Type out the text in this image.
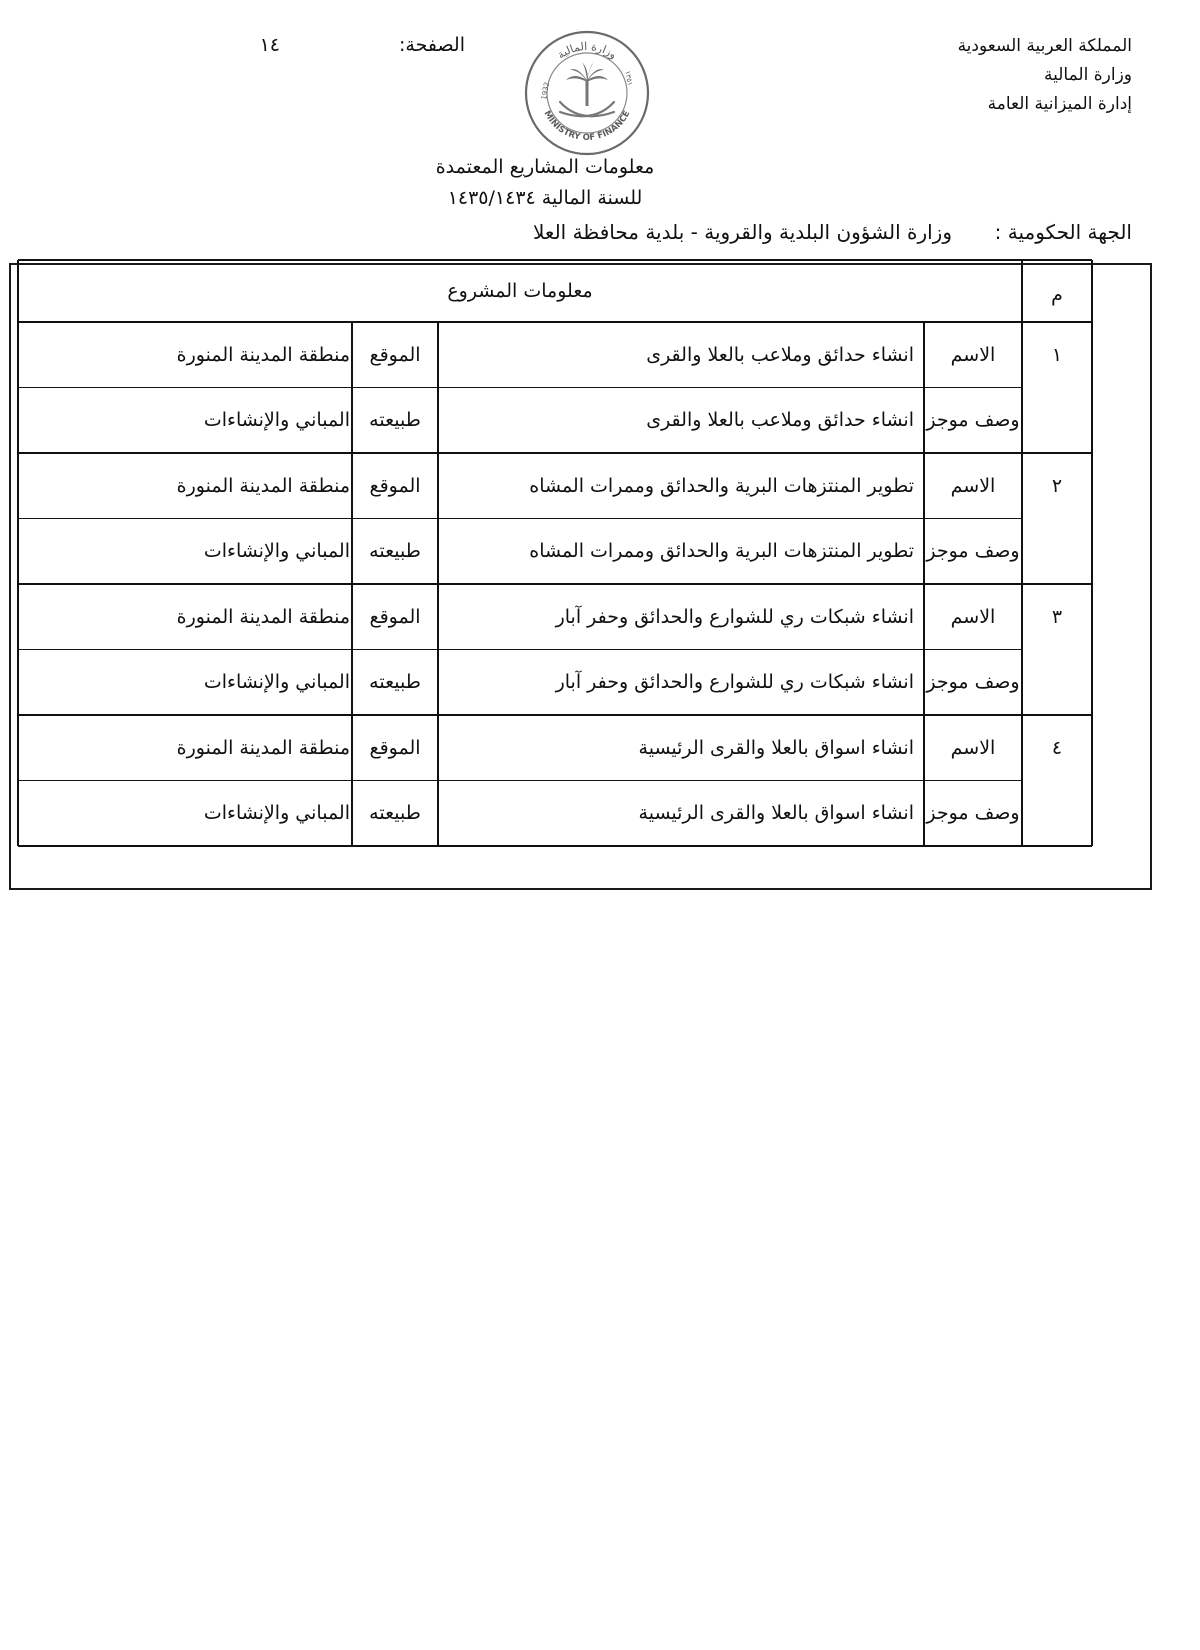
المملكة العربية السعودية
وزارة المالية
إدارة الميزانية العامة
الصفحة:
١٤	وزارة المالية
MINISTRY OF FINANCE
1932
١٣٥١
معلومات المشاريع المعتمدة
للسنة المالية ١٤٣٥/١٤٣٤
الجهة الحكومية :
وزارة الشؤون البلدية والقروية - بلدية محافظة العلا
معلومات المشروع	م
١
الاسم
انشاء حدائق وملاعب بالعلا والقرى
الموقع
منطقة المدينة المنورة
وصف موجز
انشاء حدائق وملاعب بالعلا والقرى
طبيعته
المباني والإنشاءات
٢
الاسم
تطوير المنتزهات البرية والحدائق وممرات المشاه
الموقع
منطقة المدينة المنورة
وصف موجز
تطوير المنتزهات البرية والحدائق وممرات المشاه
طبيعته
المباني والإنشاءات
٣
الاسم
انشاء شبكات ري للشوارع والحدائق وحفر آبار
الموقع
منطقة المدينة المنورة
وصف موجز
انشاء شبكات ري للشوارع والحدائق وحفر آبار
طبيعته
المباني والإنشاءات
٤
الاسم
انشاء اسواق بالعلا والقرى الرئيسية
الموقع
منطقة المدينة المنورة
وصف موجز
انشاء اسواق بالعلا والقرى الرئيسية
طبيعته
المباني والإنشاءات
